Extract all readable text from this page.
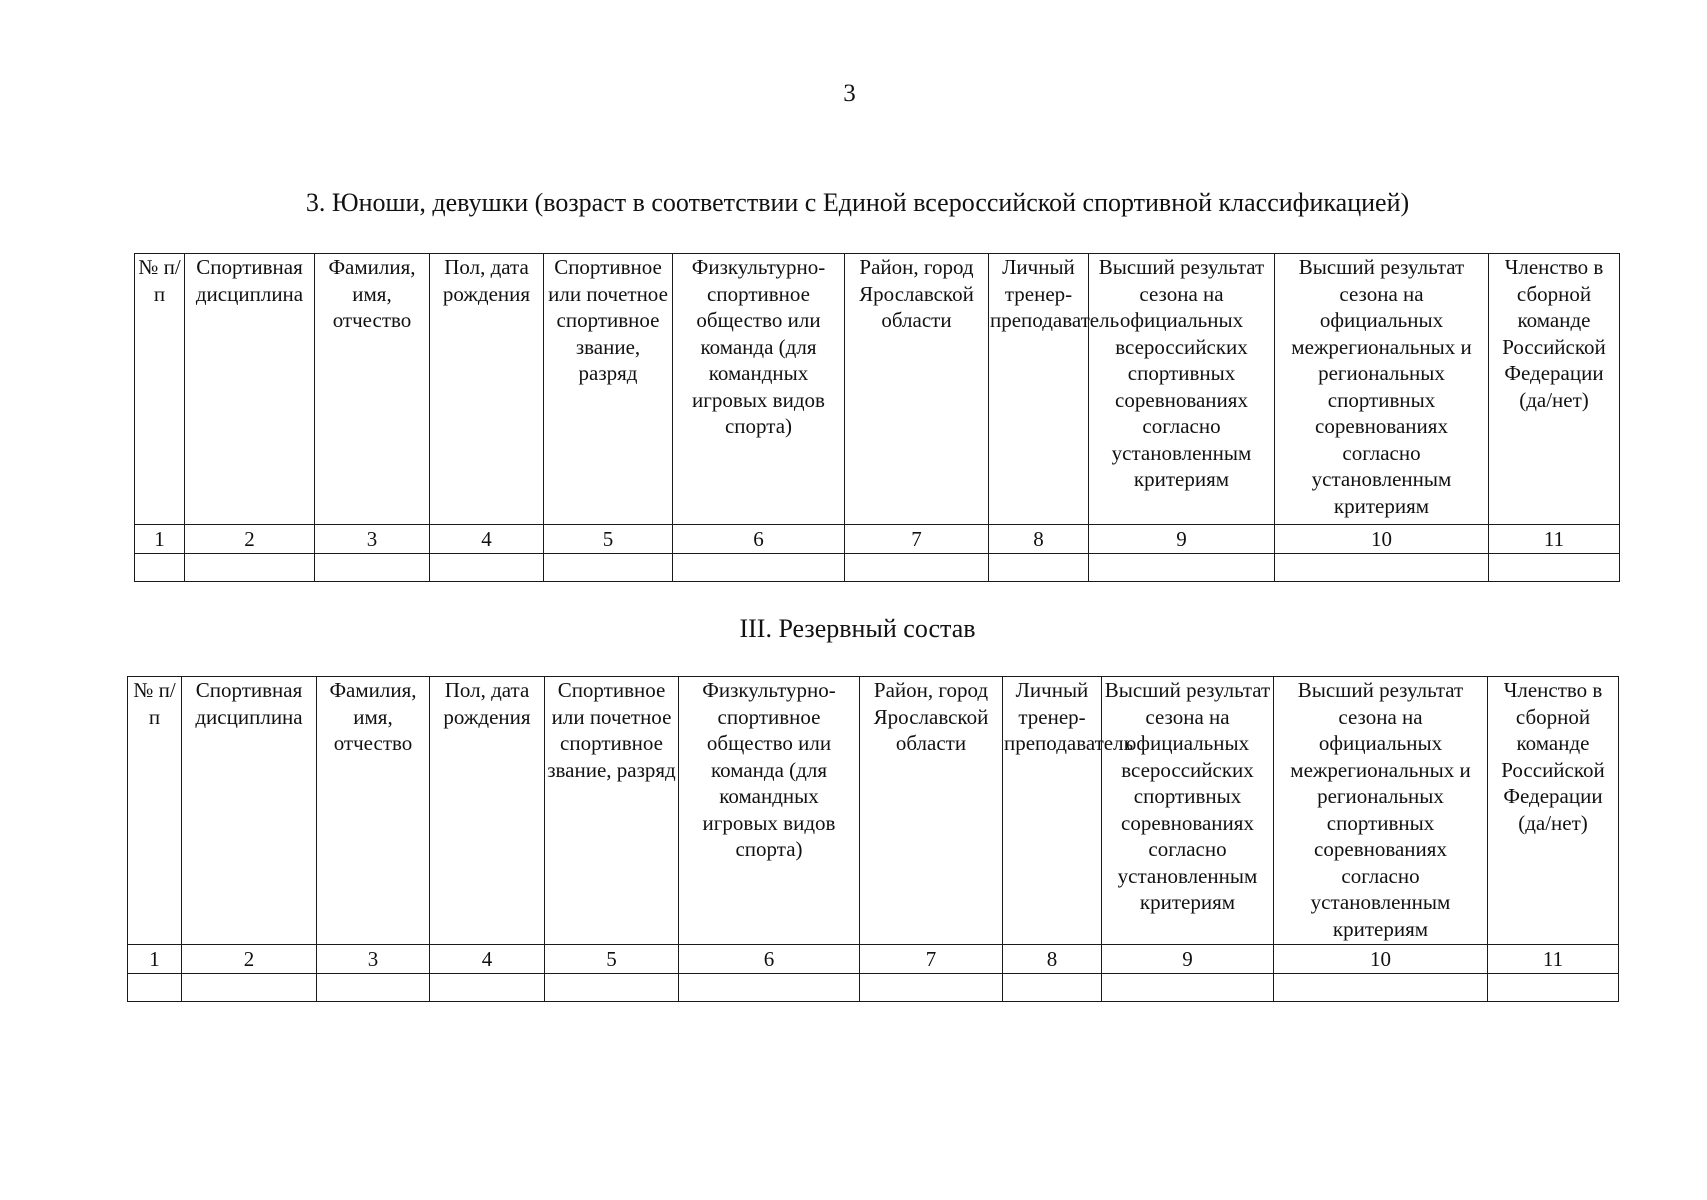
3
3. Юноши, девушки (возраст в соответствии с Единой всероссийской спортивной классификацией)
№ п/п	Спортивная дисциплина	Фамилия, имя, отчество	Пол, дата рождения	Спортивное или почетное спортивное звание, разряд	Физкультурно-спортивное общество или команда (для командных игровых видов спорта)	Район, город Ярославской области	Личный тренер-преподаватель	Высший результат сезона на официальных всероссийских спортивных соревнованиях согласно установленным критериям	Высший результат сезона на официальных межрегиональных и региональных спортивных соревнованиях согласно установленным критериям	Членство в сборной команде Российской Федерации (да/нет)
1	2	3	4	5	6	7	8	9	10	11

III. Резервный состав
№ п/п	Спортивная дисциплина	Фамилия, имя, отчество	Пол, дата рождения	Спортивное или почетное спортивное звание, разряд	Физкультурно-спортивное общество или команда (для командных игровых видов спорта)	Район, город Ярославской области	Личный тренер-преподаватель	Высший результат сезона на официальных всероссийских спортивных соревнованиях согласно установленным критериям	Высший результат сезона на официальных межрегиональных и региональных спортивных соревнованиях согласно установленным критериям	Членство в сборной команде Российской Федерации (да/нет)
1	2	3	4	5	6	7	8	9	10	11
